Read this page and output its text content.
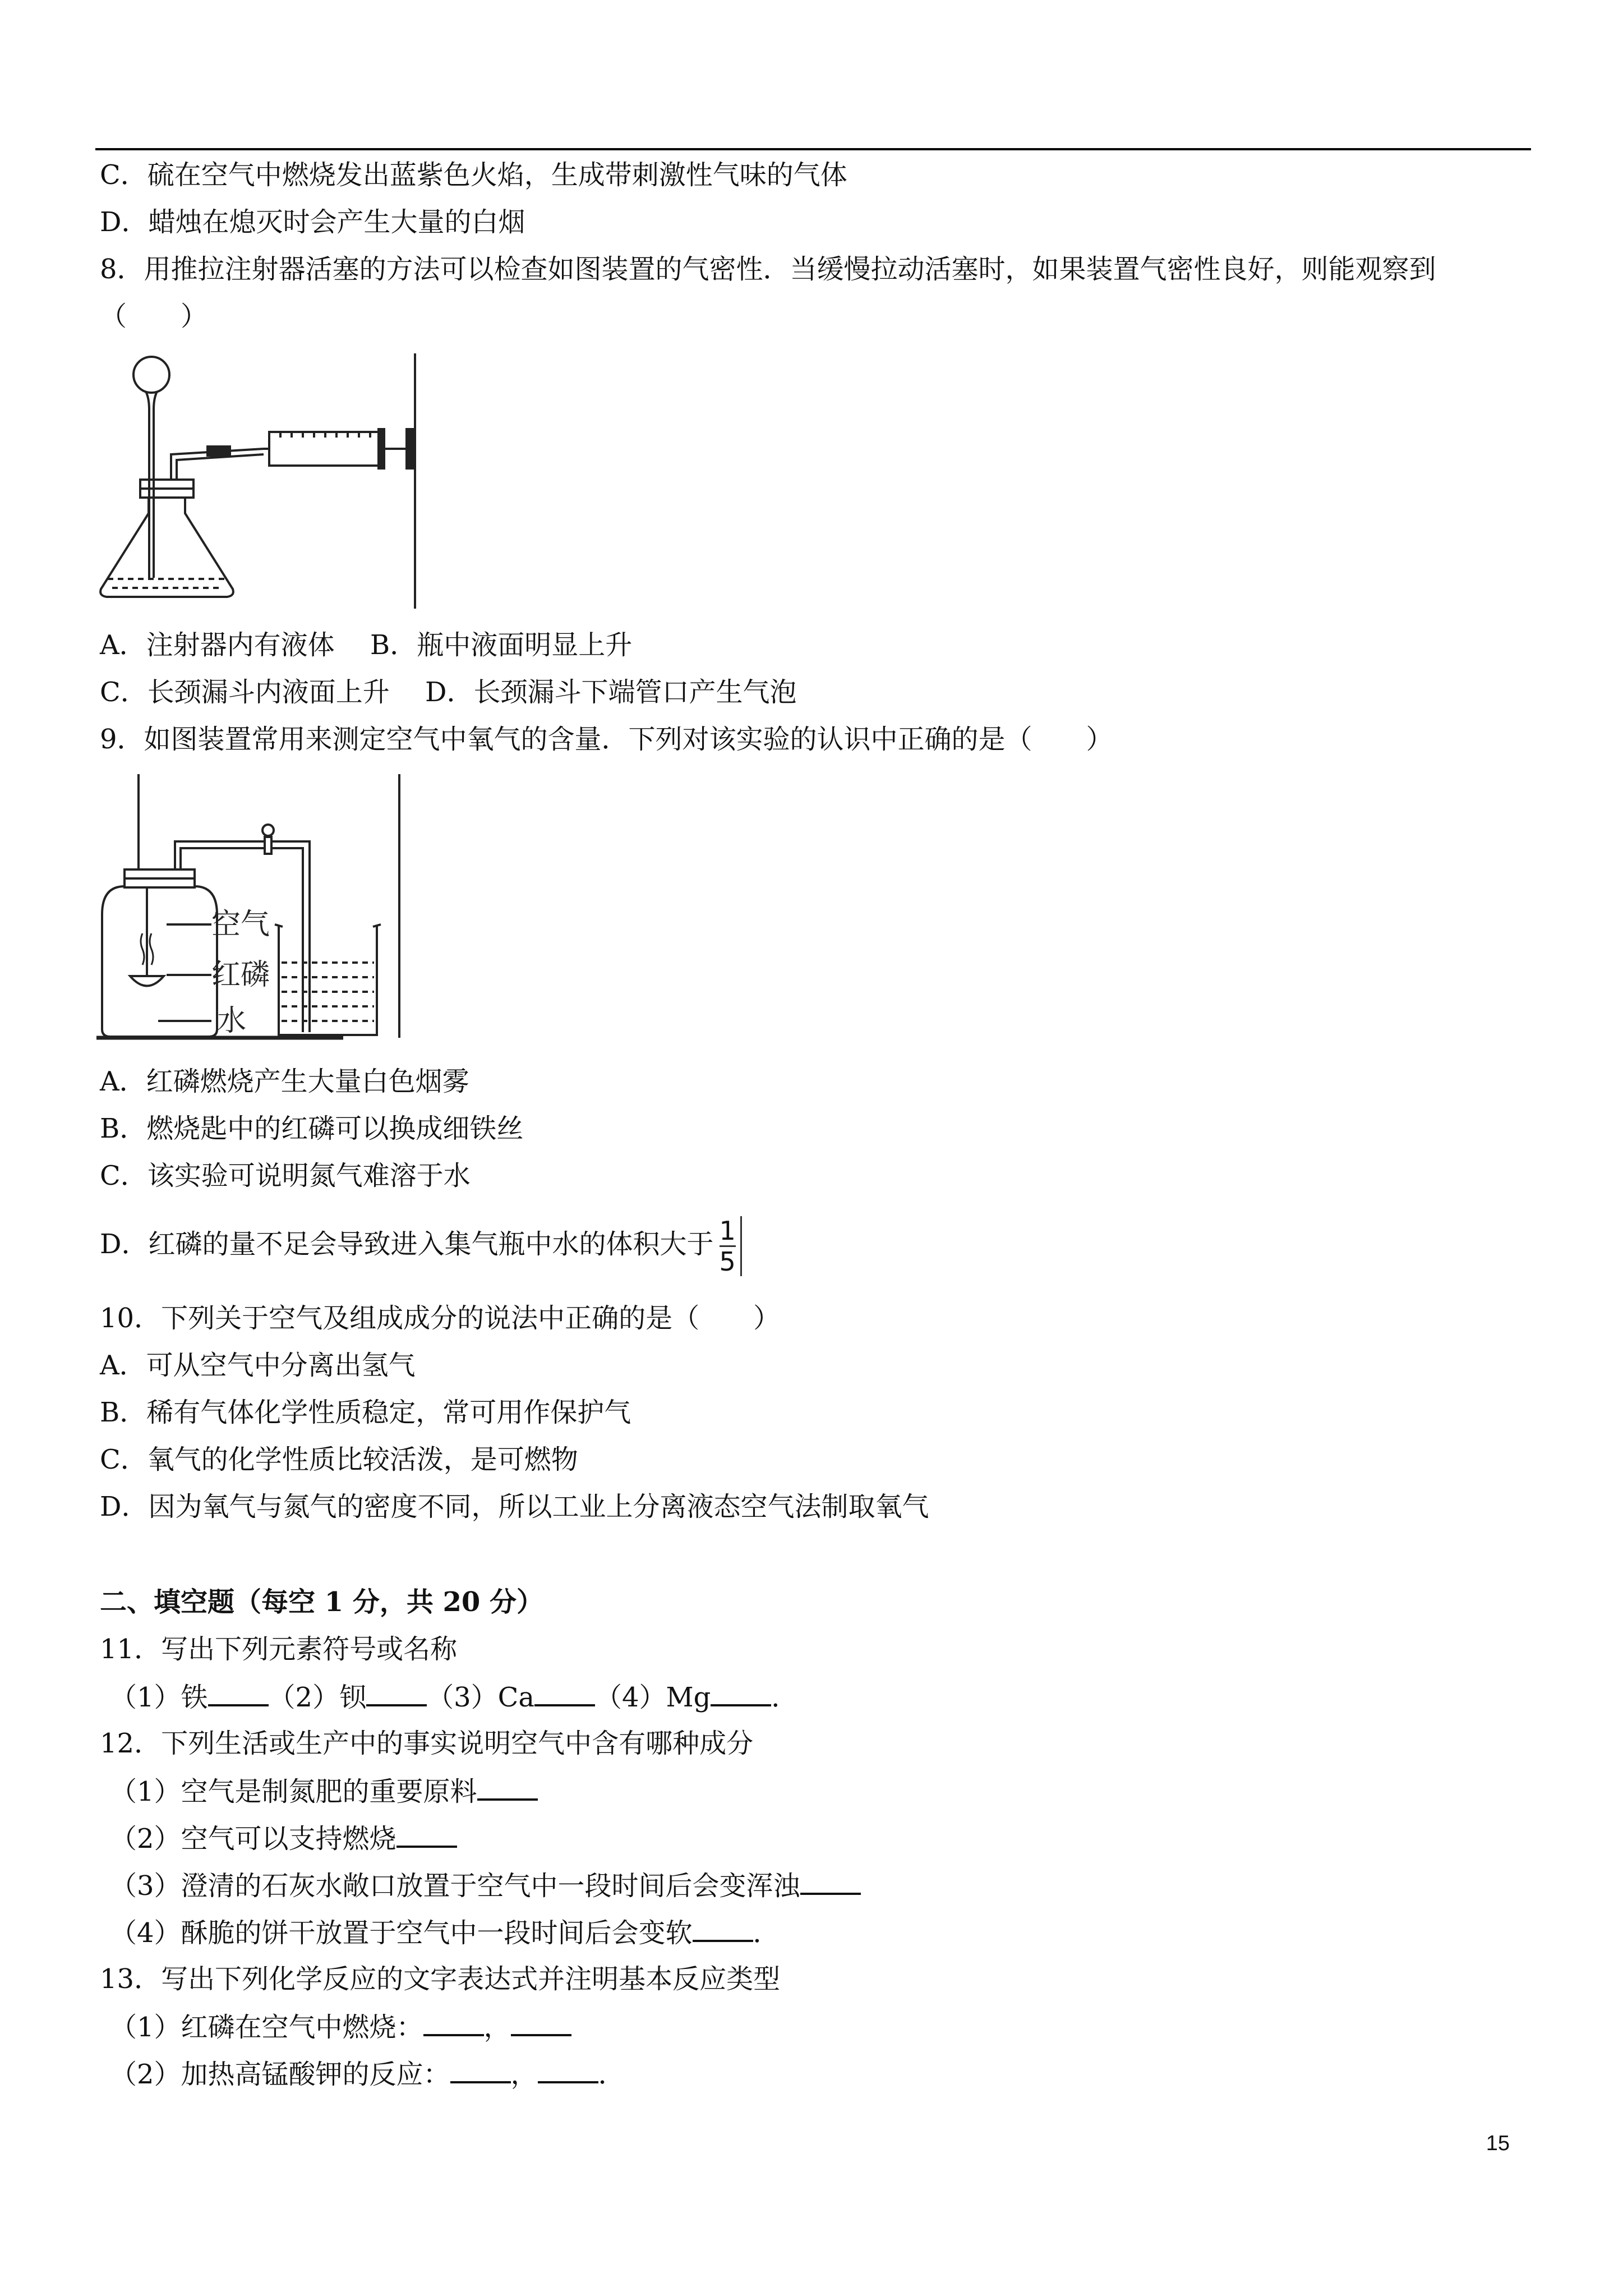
C．硫在空气中燃烧发出蓝紫色火焰，生成带刺激性气味的气体
D．蜡烛在熄灭时会产生大量的白烟
8．用推拉注射器活塞的方法可以检查如图装置的气密性．当缓慢拉动活塞时，如果装置气密性良好，则能观察到
（　　）
A．注射器内有液体　 B．瓶中液面明显上升
C．长颈漏斗内液面上升　 D．长颈漏斗下端管口产生气泡
9．如图装置常用来测定空气中氧气的含量．下列对该实验的认识中正确的是（　　）
空气
红磷
水
A．红磷燃烧产生大量白色烟雾
B．燃烧匙中的红磷可以换成细铁丝
C．该实验可说明氮气难溶于水
D．红磷的量不足会导致进入集气瓶中水的体积大于 $\frac{1}{5}$
10．下列关于空气及组成成分的说法中正确的是（　　）
A．可从空气中分离出氢气
B．稀有气体化学性质稳定，常可用作保护气
C．氧气的化学性质比较活泼，是可燃物
D．因为氧气与氮气的密度不同，所以工业上分离液态空气法制取氧气
二、填空题（每空 1 分，共 20 分）
11．写出下列元素符号或名称
（1）铁 （2）钡 （3）Ca （4）Mg ．
12．下列生活或生产中的事实说明空气中含有哪种成分
（1）空气是制氮肥的重要原料
（2）空气可以支持燃烧
（3）澄清的石灰水敞口放置于空气中一段时间后会变浑浊
（4）酥脆的饼干放置于空气中一段时间后会变软 ．
13．写出下列化学反应的文字表达式并注明基本反应类型
（1）红磷在空气中燃烧： ，
（2）加热高锰酸钾的反应： ， ．
15
